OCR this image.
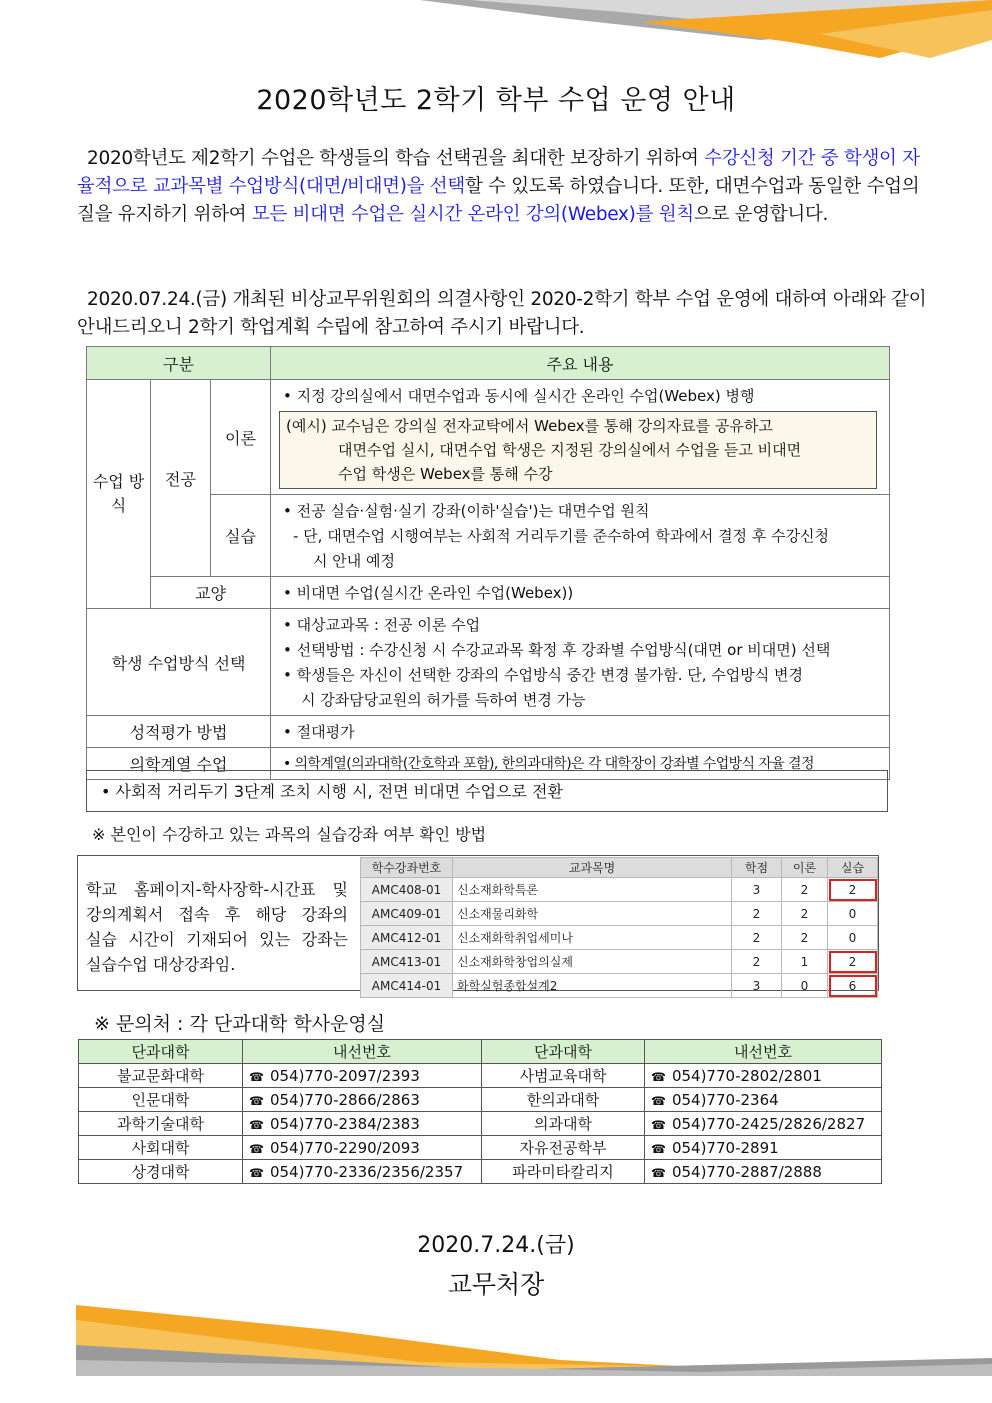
2020학년도 2학기 학부 수업 운영 안내
2020학년도 제2학기 수업은 학생들의 학습 선택권을 최대한 보장하기 위하여 수강신청 기간 중 학생이 자율적으로 교과목별 수업방식(대면/비대면)을 선택할 수 있도록 하였습니다. 또한, 대면수업과 동일한 수업의 질을 유지하기 위하여 모든 비대면 수업은 실시간 온라인 강의(Webex)를 원칙으로 운영합니다.
2020.07.24.(금) 개최된 비상교무위원회의 의결사항인 2020-2학기 학부 수업 운영에 대하여 아래와 같이 안내드리오니 2학기 학업계획 수립에 참고하여 주시기 바랍니다.
구분			주요 내용
수업 방식	전공	이론	• 지정 강의실에서 대면수업과 동시에 실시간 온라인 수업(Webex) 병행
(예시) 교수님은 강의실 전자교탁에서 Webex를 통해 강의자료를 공유하고
대면수업 실시, 대면수업 학생은 지정된 강의실에서 수업을 듣고 비대면
수업 학생은 Webex를 통해 수강

		실습	• 전공 실습·실험·실기 강좌(이하'실습')는 대면수업 원칙
- 단, 대면수업 시행여부는 사회적 거리두기를 준수하여 학과에서 결정 후 수강신청
시 안내 예정

	교양		• 비대면 수업(실시간 온라인 수업(Webex))
학생 수업방식 선택			• 대상교과목 : 전공 이론 수업
• 선택방법 : 수강신청 시 수강교과목 확정 후 강좌별 수업방식(대면 or 비대면) 선택
• 학생들은 자신이 선택한 강좌의 수업방식 중간 변경 불가함. 단, 수업방식 변경
시 강좌담당교원의 허가를 득하여 변경 가능

성적평가 방법			• 절대평가
의학계열 수업			• 의학계열(의과대학(간호학과 포함), 한의과대학)은 각 대학장이 강좌별 수업방식 자율 결정
• 사회적 거리두기 3단계 조치 시행 시, 전면 비대면 수업으로 전환
※ 본인이 수강하고 있는 과목의 실습강좌 여부 확인 방법
학교 홈페이지-학사장학-시간표 및
강의계획서 접속 후 해당 강좌의
실습 시간이 기재되어 있는 강좌는
실습수업 대상강좌임.
학수강좌번호	교과목명	학점	이론	실습
AMC408-01	신소재화학특론	3	2	2
AMC409-01	신소재물리화학	2	2	0
AMC412-01	신소재화학취업세미나	2	2	0
AMC413-01	신소재화학창업의실제	2	1	2
AMC414-01	화학실험종합설계2	3	0	6
※ 문의처 : 각 단과대학 학사운영실
단과대학	내선번호	단과대학	내선번호
불교문화대학	☎ 054)770-2097/2393	사범교육대학	☎ 054)770-2802/2801
인문대학	☎ 054)770-2866/2863	한의과대학	☎ 054)770-2364
과학기술대학	☎ 054)770-2384/2383	의과대학	☎ 054)770-2425/2826/2827
사회대학	☎ 054)770-2290/2093	자유전공학부	☎ 054)770-2891
상경대학	☎ 054)770-2336/2356/2357	파라미타칼리지	☎ 054)770-2887/2888
2020.7.24.(금)
교무처장
